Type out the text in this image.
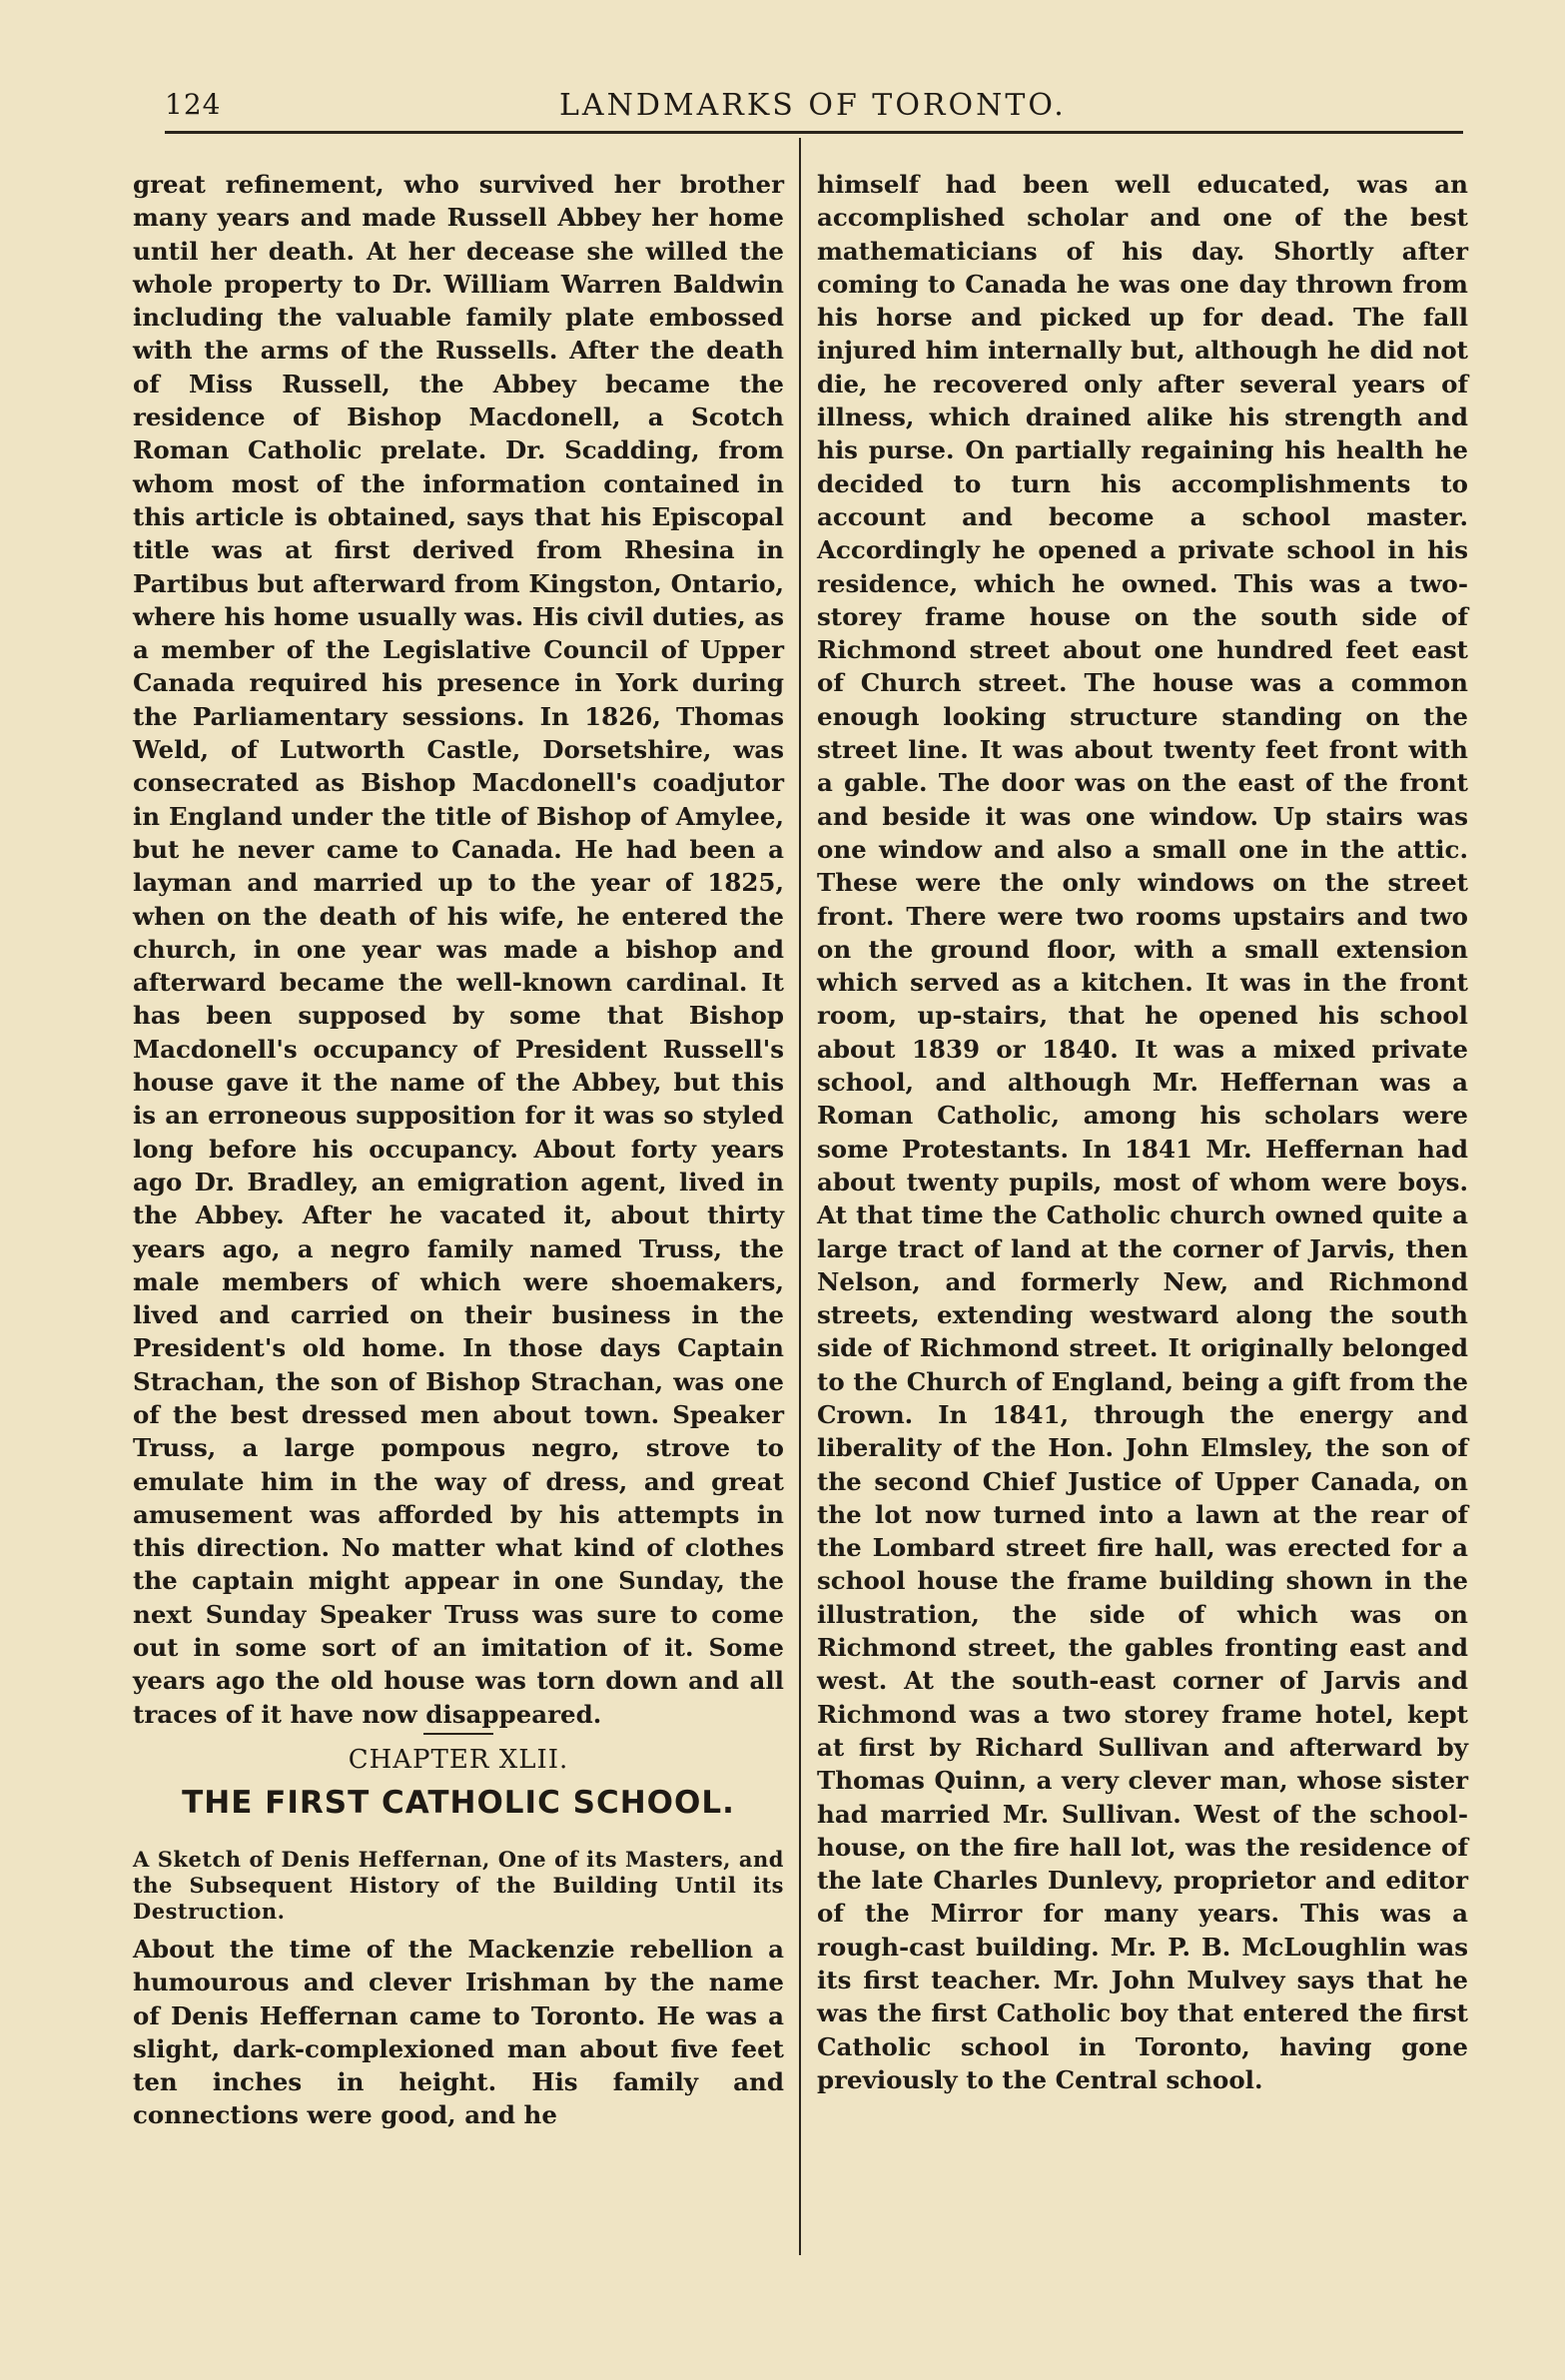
124	LANDMARKS OF TORONTO.

great refinement, who survived her brother many years and made Russell Abbey her home until her death. At her decease she willed the whole property to Dr. William Warren Baldwin including the valuable family plate embossed with the arms of the Russells. After the death of Miss Russell, the Abbey became the residence of Bishop Macdonell, a Scotch Roman Catholic prelate. Dr. Scadding, from whom most of the information contained in this article is obtained, says that his Episcopal title was at first derived from Rhesina in Partibus but afterward from Kingston, Ontario, where his home usually was. His civil duties, as a member of the Legislative Council of Upper Canada required his presence in York during the Parliamentary sessions. In 1826, Thomas Weld, of Lutworth Castle, Dorsetshire, was consecrated as Bishop Macdonell's coadjutor in England under the title of Bishop of Amylee, but he never came to Canada. He had been a layman and married up to the year of 1825, when on the death of his wife, he entered the church, in one year was made a bishop and afterward became the well-known cardinal. It has been supposed by some that Bishop Macdonell's occupancy of President Russell's house gave it the name of the Abbey, but this is an erroneous supposition for it was so styled long before his occupancy. About forty years ago Dr. Bradley, an emigration agent, lived in the Abbey. After he vacated it, about thirty years ago, a negro family named Truss, the male members of which were shoemakers, lived and carried on their business in the President's old home. In those days Captain Strachan, the son of Bishop Strachan, was one of the best dressed men about town. Speaker Truss, a large pompous negro, strove to emulate him in the way of dress, and great amusement was afforded by his attempts in this direction. No matter what kind of clothes the captain might appear in one Sunday, the next Sunday Speaker Truss was sure to come out in some sort of an imitation of it. Some years ago the old house was torn down and all traces of it have now disappeared.

CHAPTER XLII.
THE FIRST CATHOLIC SCHOOL.
A Sketch of Denis Heffernan, One of its Masters, and the Subsequent History of the Building Until its Destruction.

About the time of the Mackenzie rebellion a humourous and clever Irishman by the name of Denis Heffernan came to Toronto. He was a slight, dark-complexioned man about five feet ten inches in height. His family and connections were good, and he

himself had been well educated, was an accomplished scholar and one of the best mathematicians of his day. Shortly after coming to Canada he was one day thrown from his horse and picked up for dead. The fall injured him internally but, although he did not die, he recovered only after several years of illness, which drained alike his strength and his purse. On partially regaining his health he decided to turn his accomplishments to account and become a school master. Accordingly he opened a private school in his residence, which he owned. This was a two-storey frame house on the south side of Richmond street about one hundred feet east of Church street. The house was a common enough looking structure standing on the street line. It was about twenty feet front with a gable. The door was on the east of the front and beside it was one window. Up stairs was one window and also a small one in the attic. These were the only windows on the street front. There were two rooms upstairs and two on the ground floor, with a small extension which served as a kitchen. It was in the front room, up-stairs, that he opened his school about 1839 or 1840. It was a mixed private school, and although Mr. Heffernan was a Roman Catholic, among his scholars were some Protestants. In 1841 Mr. Heffernan had about twenty pupils, most of whom were boys. At that time the Catholic church owned quite a large tract of land at the corner of Jarvis, then Nelson, and formerly New, and Richmond streets, extending westward along the south side of Richmond street. It originally belonged to the Church of England, being a gift from the Crown. In 1841, through the energy and liberality of the Hon. John Elmsley, the son of the second Chief Justice of Upper Canada, on the lot now turned into a lawn at the rear of the Lombard street fire hall, was erected for a school house the frame building shown in the illustration, the side of which was on Richmond street, the gables fronting east and west. At the south-east corner of Jarvis and Richmond was a two storey frame hotel, kept at first by Richard Sullivan and afterward by Thomas Quinn, a very clever man, whose sister had married Mr. Sullivan. West of the school-house, on the fire hall lot, was the residence of the late Charles Dunlevy, proprietor and editor of the Mirror for many years. This was a rough-cast building. Mr. P. B. McLoughlin was its first teacher. Mr. John Mulvey says that he was the first Catholic boy that entered the first Catholic school in Toronto, having gone previously to the Central school.
